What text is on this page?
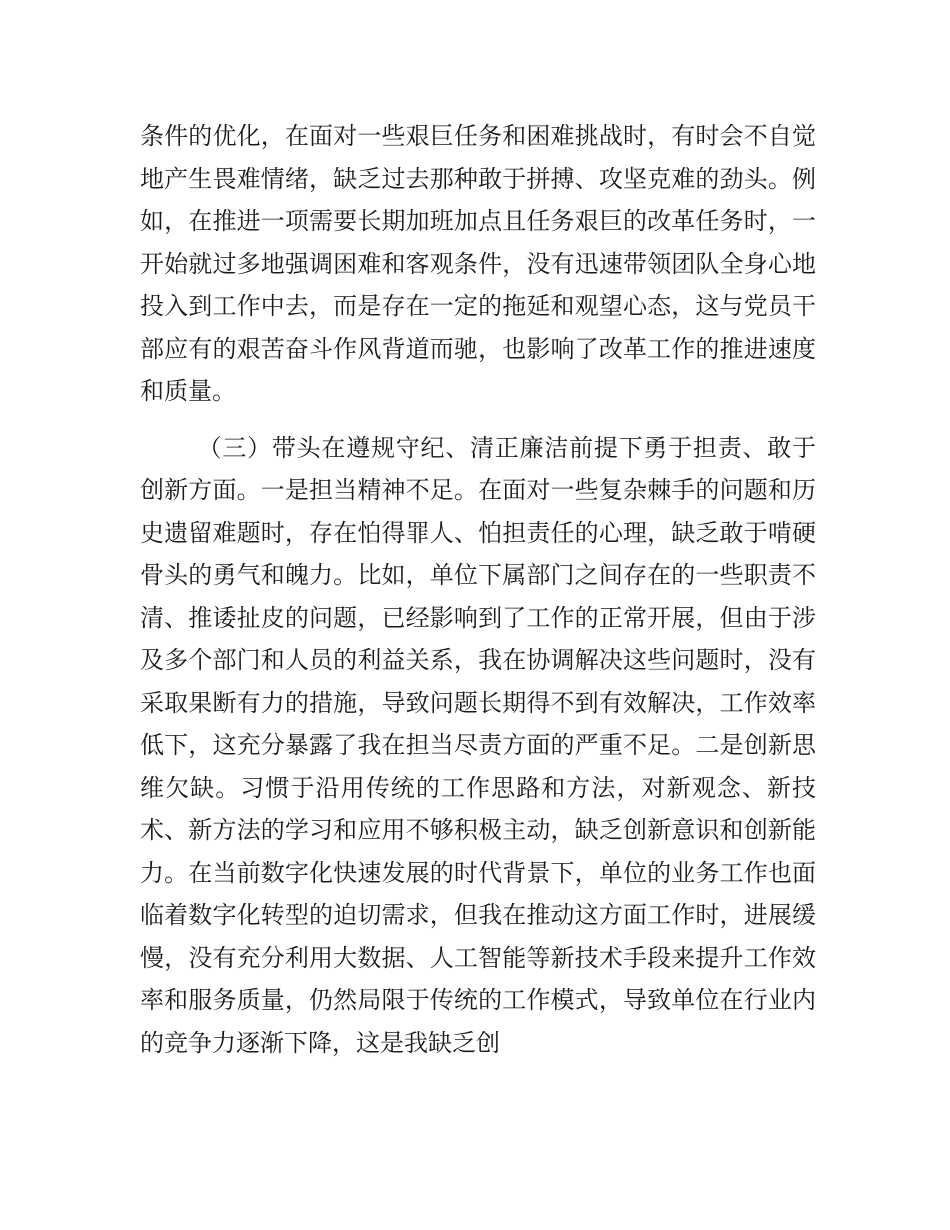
条件的优化，在面对一些艰巨任务和困难挑战时，有时会不自觉地产生畏难情绪，缺乏过去那种敢于拼搏、攻坚克难的劲头。例如，在推进一项需要长期加班加点且任务艰巨的改革任务时，一开始就过多地强调困难和客观条件，没有迅速带领团队全身心地投入到工作中去，而是存在一定的拖延和观望心态，这与党员干部应有的艰苦奋斗作风背道而驰，也影响了改革工作的推进速度和质量。

（三）带头在遵规守纪、清正廉洁前提下勇于担责、敢于创新方面。一是担当精神不足。在面对一些复杂棘手的问题和历史遗留难题时，存在怕得罪人、怕担责任的心理，缺乏敢于啃硬骨头的勇气和魄力。比如，单位下属部门之间存在的一些职责不清、推诿扯皮的问题，已经影响到了工作的正常开展，但由于涉及多个部门和人员的利益关系，我在协调解决这些问题时，没有采取果断有力的措施，导致问题长期得不到有效解决，工作效率低下，这充分暴露了我在担当尽责方面的严重不足。二是创新思维欠缺。习惯于沿用传统的工作思路和方法，对新观念、新技术、新方法的学习和应用不够积极主动，缺乏创新意识和创新能力。在当前数字化快速发展的时代背景下，单位的业务工作也面临着数字化转型的迫切需求，但我在推动这方面工作时，进展缓慢，没有充分利用大数据、人工智能等新技术手段来提升工作效率和服务质量，仍然局限于传统的工作模式，导致单位在行业内的竞争力逐渐下降，这是我缺乏创
